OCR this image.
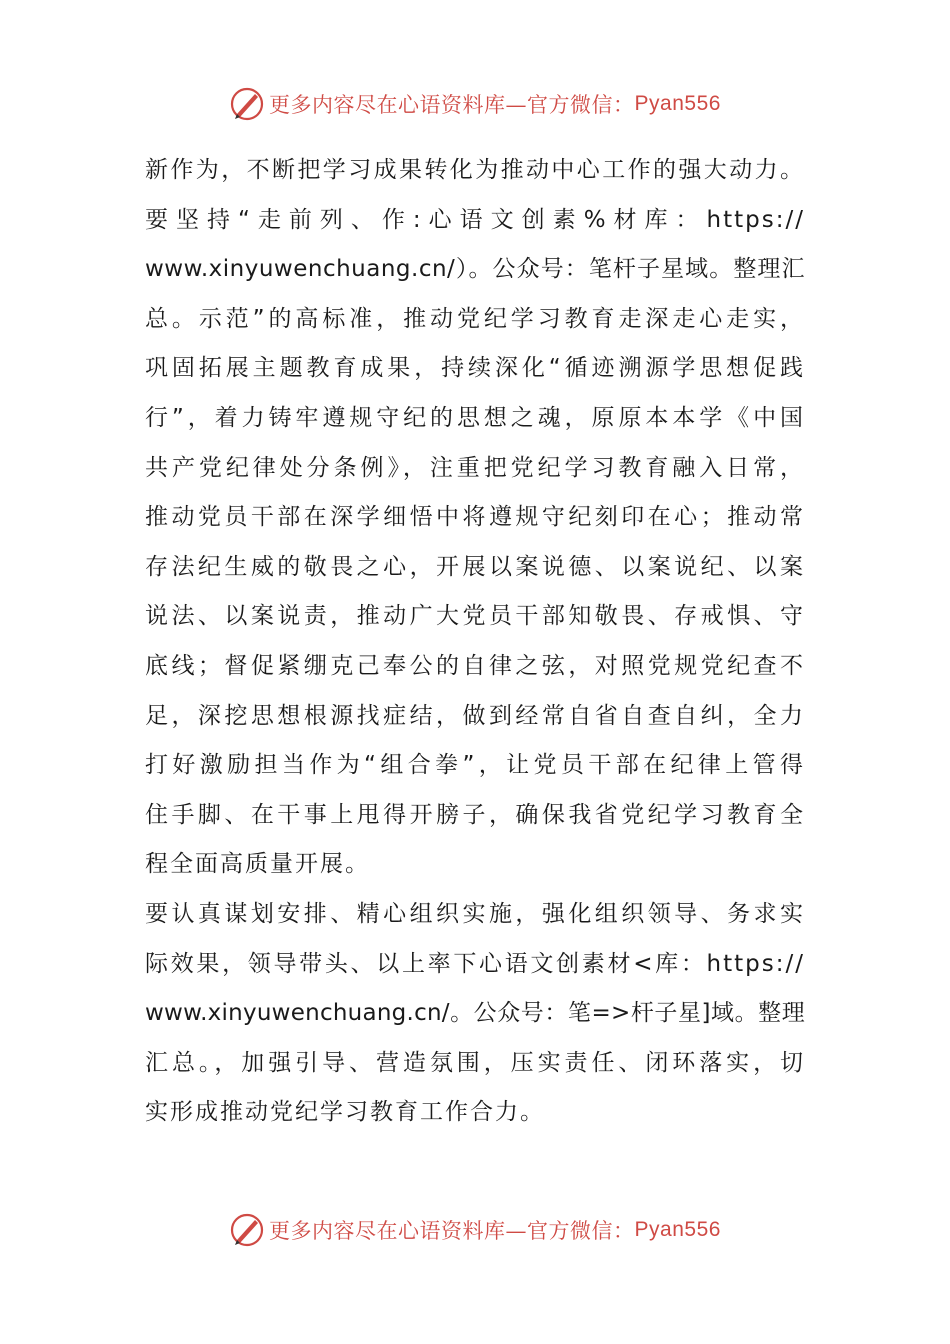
更多内容尽在心语资料库—官方微信： Pyan556
新作为，不断把学习成果转化为推动中心工作的强大动力。
要坚持“走前列、作:心语文创素%材库：https://
www.xinyuwenchuang.cn/）。公众号：笔杆子星域。整理汇
总。示范”的高标准，推动党纪学习教育走深走心走实，
巩固拓展主题教育成果，持续深化“循迹溯源学思想促践
行”，着力铸牢遵规守纪的思想之魂，原原本本学《中国
共产党纪律处分条例》，注重把党纪学习教育融入日常，
推动党员干部在深学细悟中将遵规守纪刻印在心；推动常
存法纪生威的敬畏之心，开展以案说德、以案说纪、以案
说法、以案说责，推动广大党员干部知敬畏、存戒惧、守
底线；督促紧绷克己奉公的自律之弦，对照党规党纪查不
足，深挖思想根源找症结，做到经常自省自查自纠，全力
打好激励担当作为“组合拳”，让党员干部在纪律上管得
住手脚、在干事上甩得开膀子，确保我省党纪学习教育全
程全面高质量开展。
要认真谋划安排、精心组织实施，强化组织领导、务求实
际效果，领导带头、以上率下心语文创素材<库：https://
www.xinyuwenchuang.cn/。公众号：笔=>杆子星]域。整理
汇总。，加强引导、营造氛围，压实责任、闭环落实，切
实形成推动党纪学习教育工作合力。
更多内容尽在心语资料库—官方微信： Pyan556
